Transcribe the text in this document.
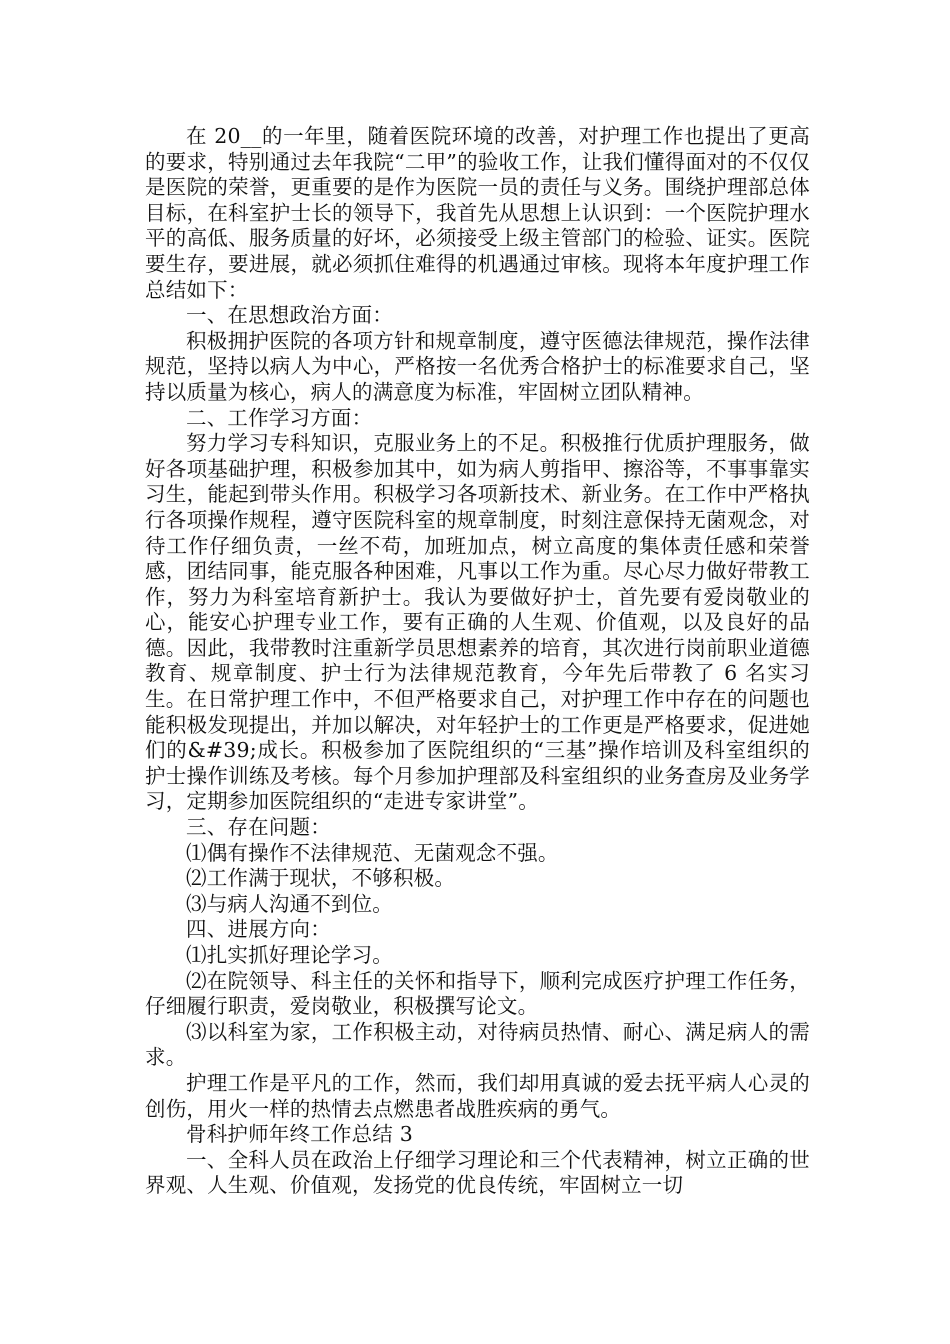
在 20__的一年里，随着医院环境的改善，对护理工作也提出了更高的要求，特别通过去年我院“二甲”的验收工作，让我们懂得面对的不仅仅是医院的荣誉，更重要的是作为医院一员的责任与义务。围绕护理部总体目标，在科室护士长的领导下，我首先从思想上认识到：一个医院护理水平的高低、服务质量的好坏，必须接受上级主管部门的检验、证实。医院要生存，要进展，就必须抓住难得的机遇通过审核。现将本年度护理工作总结如下：

一、在思想政治方面：

积极拥护医院的各项方针和规章制度，遵守医德法律规范，操作法律规范，坚持以病人为中心，严格按一名优秀合格护士的标准要求自己，坚持以质量为核心，病人的满意度为标准，牢固树立团队精神。

二、工作学习方面：

努力学习专科知识，克服业务上的不足。积极推行优质护理服务，做好各项基础护理，积极参加其中，如为病人剪指甲、擦浴等，不事事靠实习生，能起到带头作用。积极学习各项新技术、新业务。在工作中严格执行各项操作规程，遵守医院科室的规章制度，时刻注意保持无菌观念，对待工作仔细负责，一丝不苟，加班加点，树立高度的集体责任感和荣誉感，团结同事，能克服各种困难，凡事以工作为重。尽心尽力做好带教工作，努力为科室培育新护士。我认为要做好护士，首先要有爱岗敬业的心，能安心护理专业工作，要有正确的人生观、价值观，以及良好的品德。因此，我带教时注重新学员思想素养的培育，其次进行岗前职业道德教育、规章制度、护士行为法律规范教育，今年先后带教了 6 名实习生。在日常护理工作中，不但严格要求自己，对护理工作中存在的问题也能积极发现提出，并加以解决，对年轻护士的工作更是严格要求，促进她们的&#39;成长。积极参加了医院组织的“三基”操作培训及科室组织的护士操作训练及考核。每个月参加护理部及科室组织的业务查房及业务学习，定期参加医院组织的“走进专家讲堂”。

三、存在问题：

⑴偶有操作不法律规范、无菌观念不强。

⑵工作满于现状，不够积极。

⑶与病人沟通不到位。

四、进展方向：

⑴扎实抓好理论学习。

⑵在院领导、科主任的关怀和指导下，顺利完成医疗护理工作任务，仔细履行职责，爱岗敬业，积极撰写论文。

⑶以科室为家，工作积极主动，对待病员热情、耐心、满足病人的需求。

护理工作是平凡的工作，然而，我们却用真诚的爱去抚平病人心灵的创伤，用火一样的热情去点燃患者战胜疾病的勇气。

骨科护师年终工作总结 3

一、全科人员在政治上仔细学习理论和三个代表精神，树立正确的世界观、人生观、价值观，发扬党的优良传统，牢固树立一切
